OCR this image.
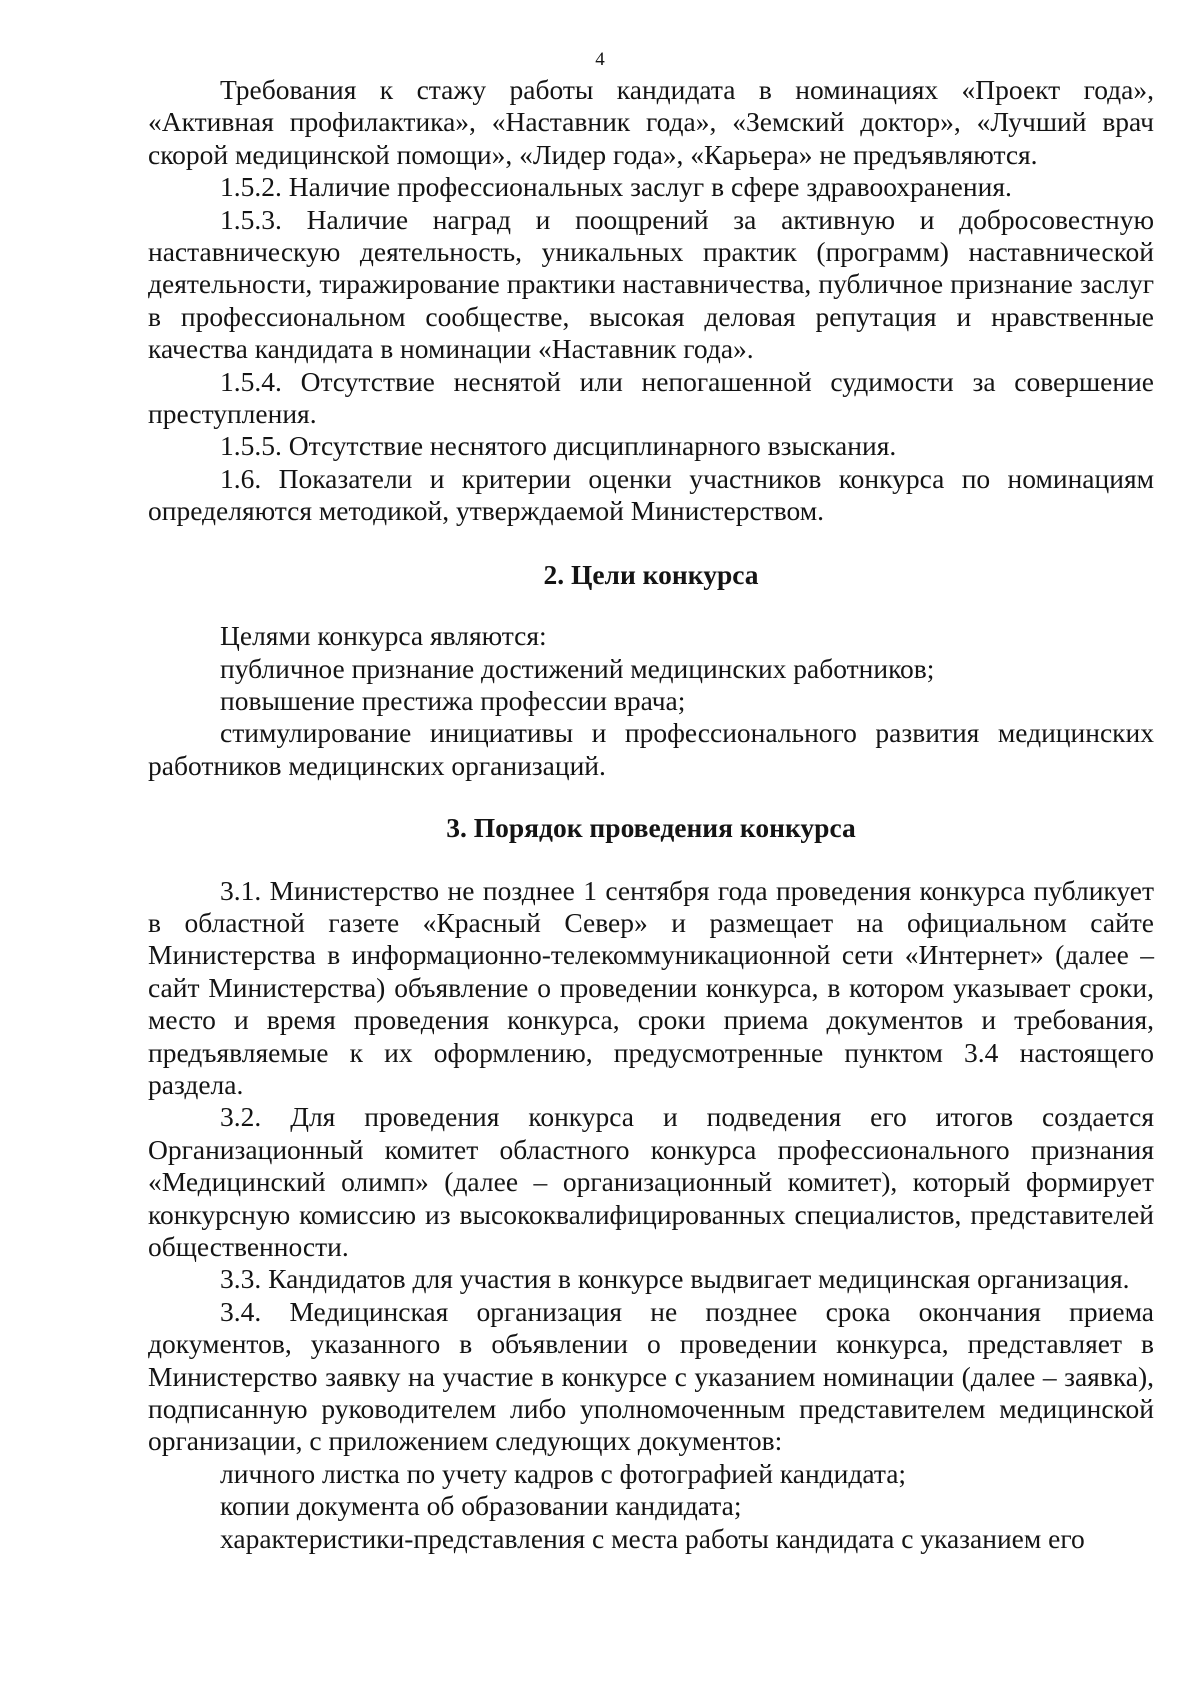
4

Требования к стажу работы кандидата в номинациях «Проект года», «Активная профилактика», «Наставник года», «Земский доктор», «Лучший врач скорой медицинской помощи», «Лидер года», «Карьера» не предъявляются.

1.5.2. Наличие профессиональных заслуг в сфере здравоохранения.

1.5.3. Наличие наград и поощрений за активную и добросовестную наставническую деятельность, уникальных практик (программ) наставнической деятельности, тиражирование практики наставничества, публичное признание заслуг в профессиональном сообществе, высокая деловая репутация и нравственные качества кандидата в номинации «Наставник года».

1.5.4. Отсутствие неснятой или непогашенной судимости за совершение преступления.

1.5.5. Отсутствие неснятого дисциплинарного взыскания.

1.6. Показатели и критерии оценки участников конкурса по номинациям определяются методикой, утверждаемой Министерством.

2. Цели конкурса

Целями конкурса являются:

публичное признание достижений медицинских работников;

повышение престижа профессии врача;

стимулирование инициативы и профессионального развития медицинских работников медицинских организаций.

3. Порядок проведения конкурса

3.1. Министерство не позднее 1 сентября года проведения конкурса публикует в областной газете «Красный Север» и размещает на официальном сайте Министерства в информационно-телекоммуникационной сети «Интернет» (далее – сайт Министерства) объявление о проведении конкурса, в котором указывает сроки, место и время проведения конкурса, сроки приема документов и требования, предъявляемые к их оформлению, предусмотренные пунктом 3.4 настоящего раздела.

3.2. Для проведения конкурса и подведения его итогов создается Организационный комитет областного конкурса профессионального признания «Медицинский олимп» (далее – организационный комитет), который формирует конкурсную комиссию из высококвалифицированных специалистов, представителей общественности.

3.3. Кандидатов для участия в конкурсе выдвигает медицинская организация.

3.4. Медицинская организация не позднее срока окончания приема документов, указанного в объявлении о проведении конкурса, представляет в Министерство заявку на участие в конкурсе с указанием номинации (далее – заявка), подписанную руководителем либо уполномоченным представителем медицинской организации, с приложением следующих документов:

личного листка по учету кадров с фотографией кандидата;

копии документа об образовании кандидата;

характеристики-представления с места работы кандидата с указанием его
